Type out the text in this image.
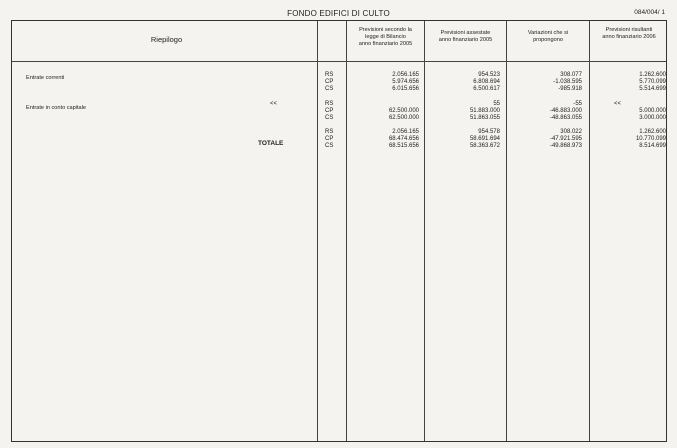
FONDO EDIFICI DI CULTO	084/004/ 1
Riepilogo
Previsioni secondo la
legge di Bilancio
anno finanziario 2005
Previsioni assestate
anno finanziario 2005
Variazioni che si
propongono
Previsioni risultanti
anno finanziario 2006
Entrate correnti	RS
CP
CS
2.056.165
5.974.656
6.015.656
954.523
6.808.694
6.500.617
308.077
-1.038.595
-985.918
1.262.600
5.770.099
5.514.699
Entrate in conto capitale
RS
CP
CS
<<
62.500.000
62.500.000
55
51.883.000
51.863.055
-55
-46.883.000
-48.863.055
<<
5.000.000
3.000.000
TOTALE
RS
CP
CS
2.056.165
68.474.656
68.515.656
954.578
58.691.694
58.363.672
308.022
-47.921.595
-49.868.973
1.262.600
10.770.099
8.514.699
